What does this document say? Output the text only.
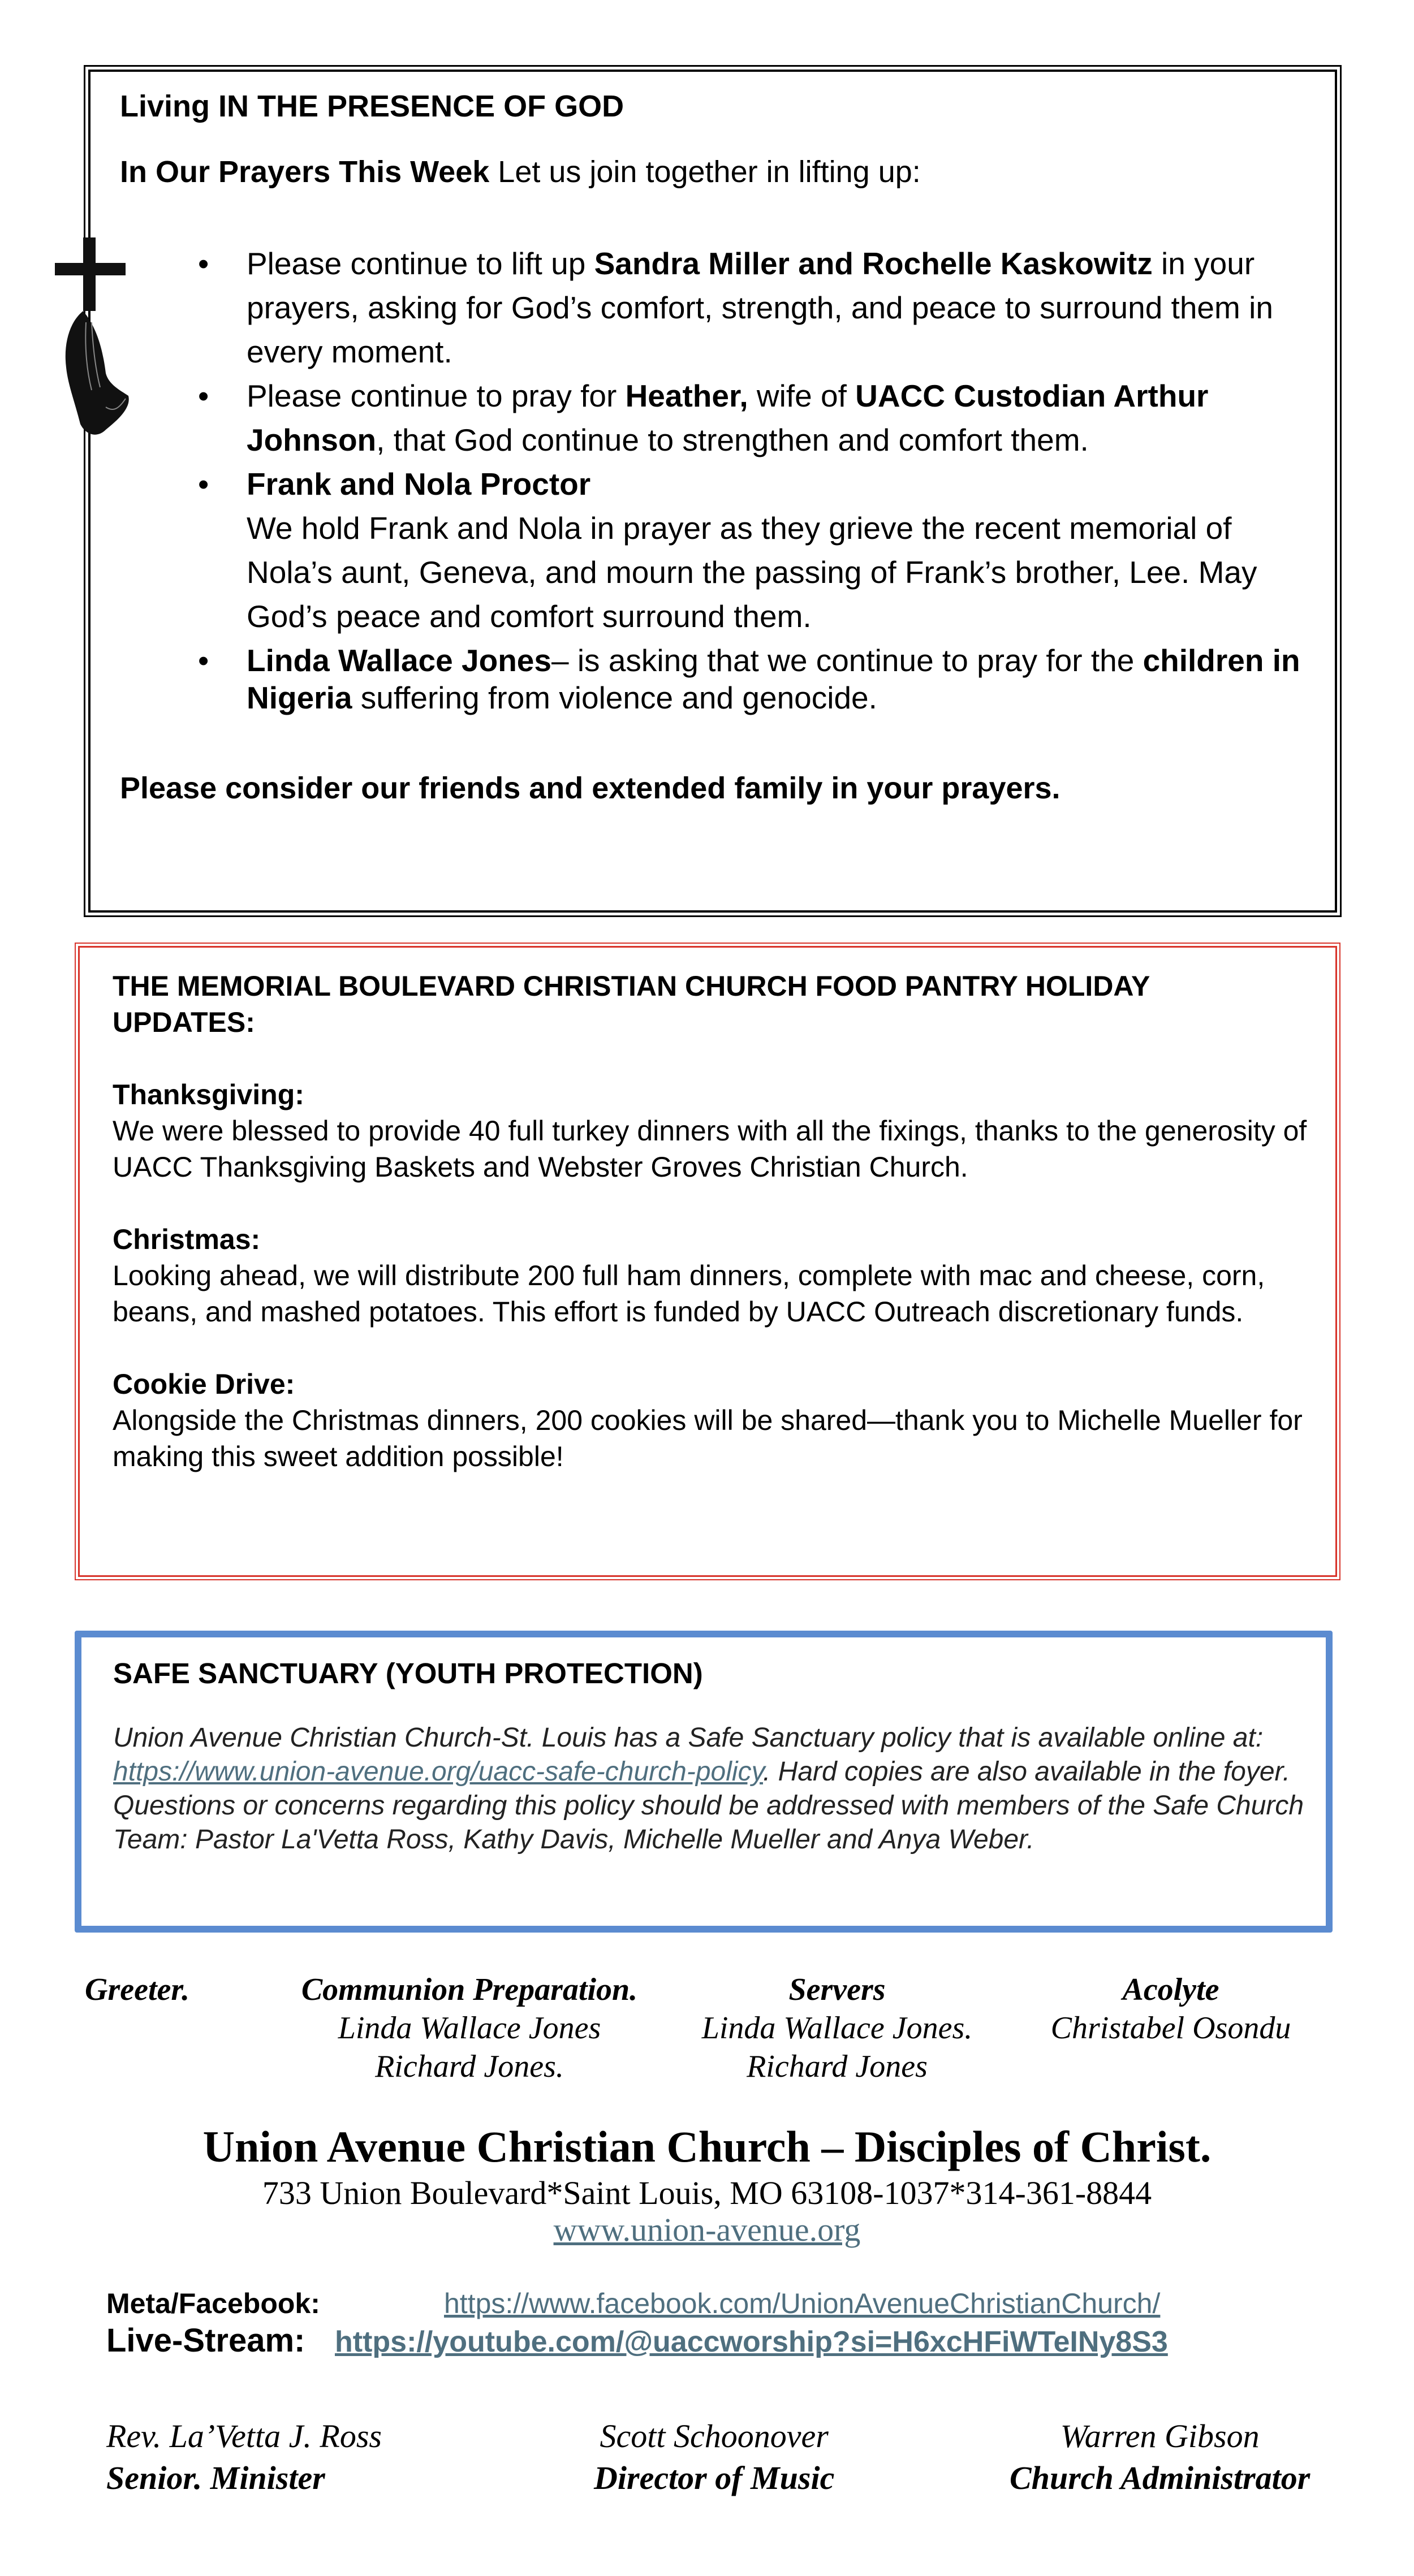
Living IN THE PRESENCE OF GOD
In Our Prayers This Week Let us join together in lifting up:
• Please continue to lift up Sandra Miller and Rochelle Kaskowitz in your prayers, asking for God’s comfort, strength, and peace to surround them in every moment.
• Please continue to pray for Heather, wife of UACC Custodian Arthur Johnson, that God continue to strengthen and comfort them.
• Frank and Nola Proctor
We hold Frank and Nola in prayer as they grieve the recent memorial of Nola’s aunt, Geneva, and mourn the passing of Frank’s brother, Lee. May God’s peace and comfort surround them.
• Linda Wallace Jones– is asking that we continue to pray for the children in Nigeria suffering from violence and genocide.
Please consider our friends and extended family in your prayers.

THE MEMORIAL BOULEVARD CHRISTIAN CHURCH FOOD PANTRY HOLIDAY UPDATES:

Thanksgiving:
We were blessed to provide 40 full turkey dinners with all the fixings, thanks to the generosity of UACC Thanksgiving Baskets and Webster Groves Christian Church.

Christmas:
Looking ahead, we will distribute 200 full ham dinners, complete with mac and cheese, corn, beans, and mashed potatoes. This effort is funded by UACC Outreach discretionary funds.

Cookie Drive:
Alongside the Christmas dinners, 200 cookies will be shared—thank you to Michelle Mueller for making this sweet addition possible!

SAFE SANCTUARY (YOUTH PROTECTION)
Union Avenue Christian Church-St. Louis has a Safe Sanctuary policy that is available online at: https://www.union-avenue.org/uacc-safe-church-policy. Hard copies are also available in the foyer. Questions or concerns regarding this policy should be addressed with members of the Safe Church
Team: Pastor La'Vetta Ross, Kathy Davis, Michelle Mueller and Anya Weber.
Greeter.	Communion Preparation.
Linda Wallace Jones
Richard Jones.
Servers
Linda Wallace Jones.
Richard Jones
Acolyte
Christabel Osondu
Union Avenue Christian Church – Disciples of Christ.
733 Union Boulevard*Saint Louis, MO 63108-1037*314-361-8844
www.union-avenue.org
Meta/Facebook:	https://www.facebook.com/UnionAvenueChristianChurch/
Live-Stream: https://youtube.com/@uaccworship?si=H6xcHFiWTeINy8S3
Rev. La’Vetta J. Ross
Senior. Minister
Scott Schoonover
Director of Music
Warren Gibson
Church Administrator
